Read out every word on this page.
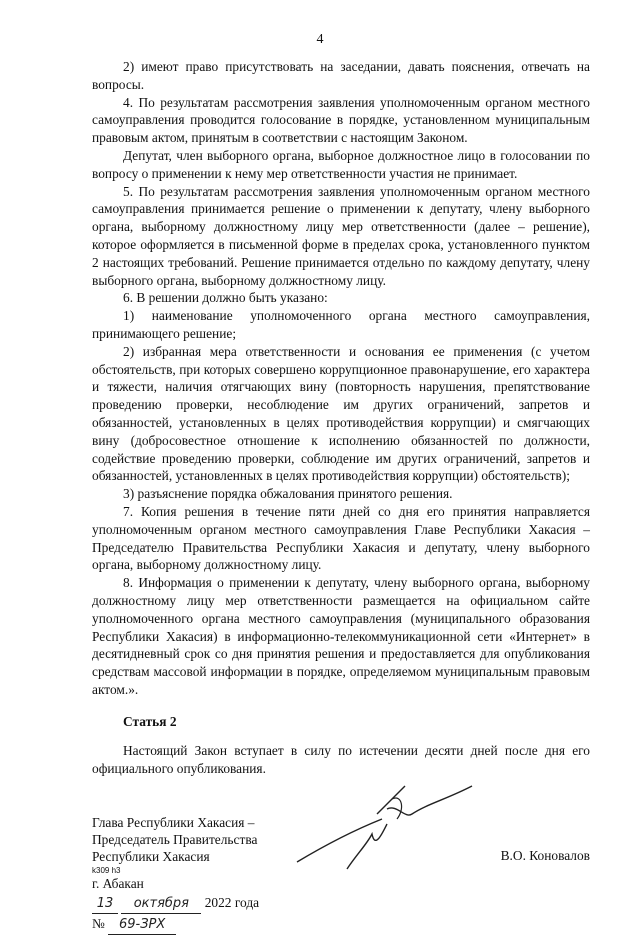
4

2) имеют право присутствовать на заседании, давать пояснения, отвечать на вопросы.

4. По результатам рассмотрения заявления уполномоченным органом местного самоуправления проводится голосование в порядке, установленном муниципальным правовым актом, принятым в соответствии с настоящим Законом.

Депутат, член выборного органа, выборное должностное лицо в голосовании по вопросу о применении к нему мер ответственности участия не принимает.

5. По результатам рассмотрения заявления уполномоченным органом местного самоуправления принимается решение о применении к депутату, члену выборного органа, выборному должностному лицу мер ответственности (далее – решение), которое оформляется в письменной форме в пределах срока, установленного пунктом 2 настоящих требований. Решение принимается отдельно по каждому депутату, члену выборного органа, выборному должностному лицу.

6. В решении должно быть указано:

1) наименование уполномоченного органа местного самоуправления, принимающего решение;

2) избранная мера ответственности и основания ее применения (с учетом обстоятельств, при которых совершено коррупционное правонарушение, его характера и тяжести, наличия отягчающих вину (повторность нарушения, препятствование проведению проверки, несоблюдение им других ограничений, запретов и обязанностей, установленных в целях противодействия коррупции) и смягчающих вину (добросовестное отношение к исполнению обязанностей по должности, содействие проведению проверки, соблюдение им других ограничений, запретов и обязанностей, установленных в целях противодействия коррупции) обстоятельств);

3) разъяснение порядка обжалования принятого решения.

7. Копия решения в течение пяти дней со дня его принятия направляется уполномоченным органом местного самоуправления Главе Республики Хакасия – Председателю Правительства Республики Хакасия и депутату, члену выборного органа, выборному должностному лицу.

8. Информация о применении к депутату, члену выборного органа, выборному должностному лицу мер ответственности размещается на официальном сайте уполномоченного органа местного самоуправления (муниципального образования Республики Хакасия) в информационно-телекоммуникационной сети «Интернет» в десятидневный срок со дня принятия решения и предоставляется для опубликования средствам массовой информации в порядке, определяемом муниципальным правовым актом.».

Статья 2

Настоящий Закон вступает в силу по истечении десяти дней после дня его официального опубликования.

Глава Республики Хакасия –
Председатель Правительства
Республики Хакасия	В.О. Коновалов
г. Абакан
13 октября 2022 года
№ 69-ЗРХ
k309 h3
